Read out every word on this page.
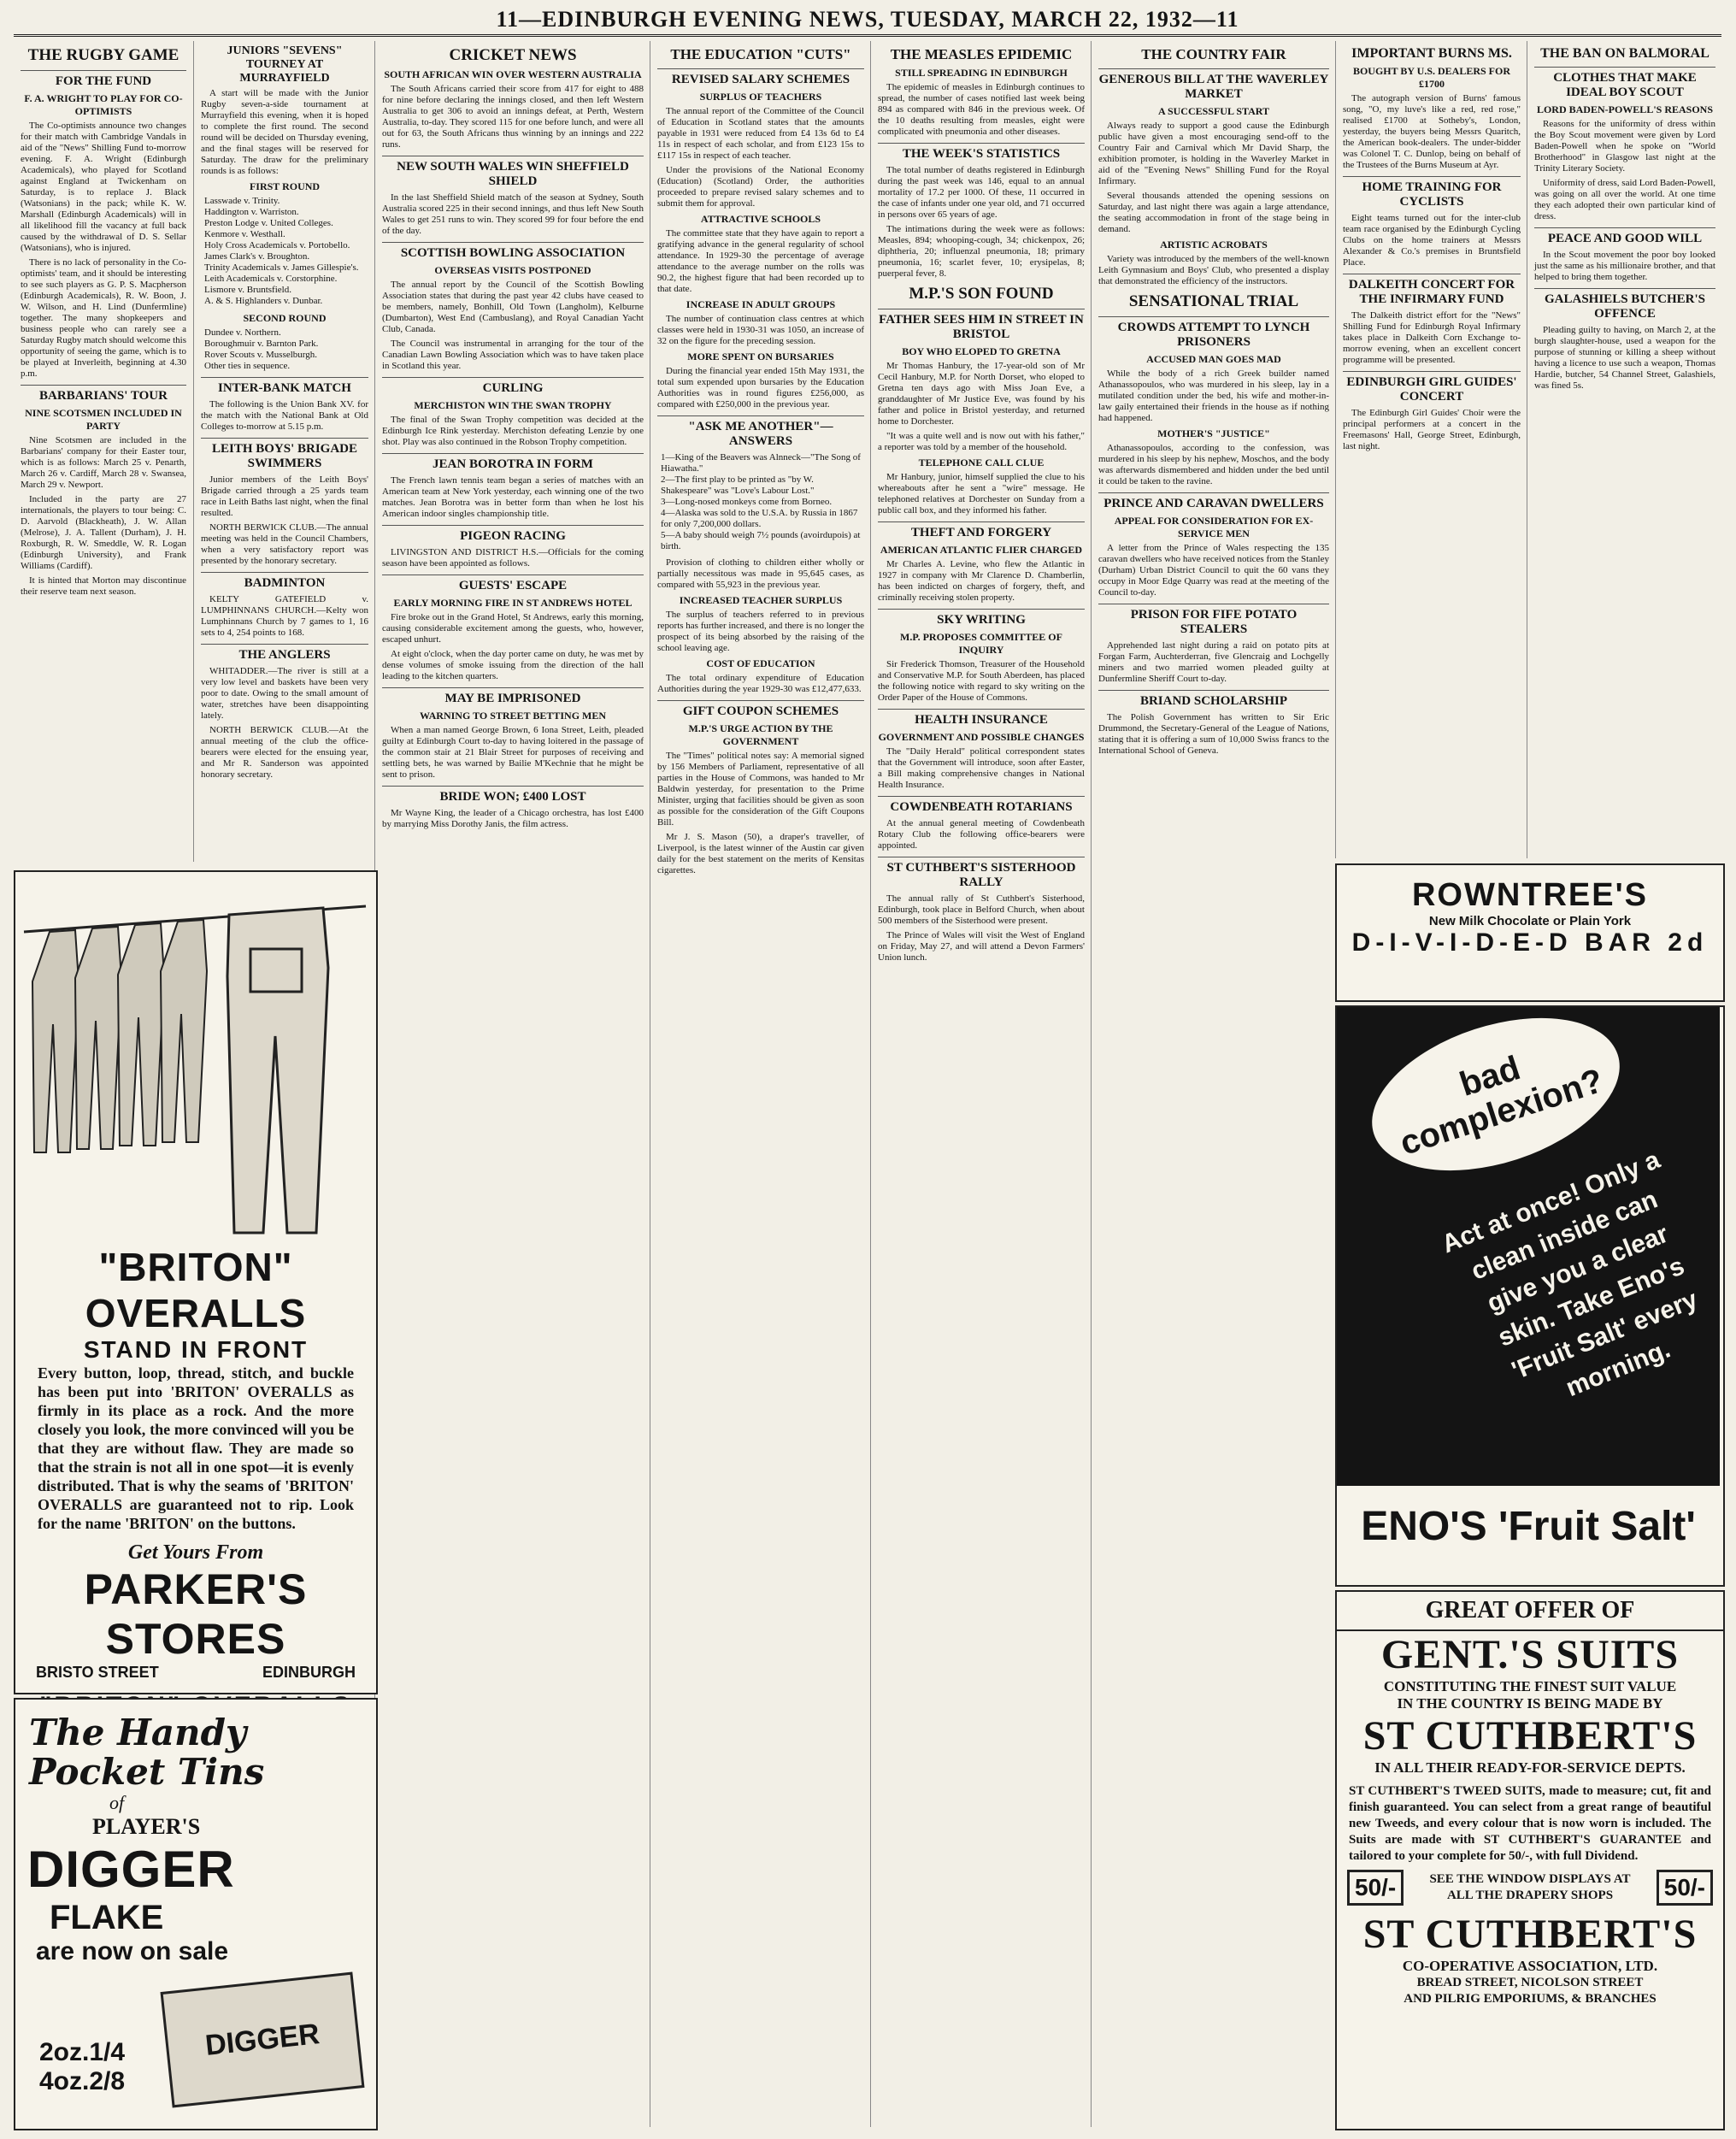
11—EDINBURGH EVENING NEWS, TUESDAY, MARCH 22, 1932—11
THE RUGBY GAME
FOR THE FUND
F. A. WRIGHT TO PLAY FOR CO-OPTIMISTS

The Co-optimists announce two changes for their match with Cambridge Vandals in aid of the "News" Shilling Fund to-morrow evening. F. A. Wright (Edinburgh Academicals), who played for Scotland against England at Twickenham on Saturday, is to replace J. Black (Watsonians) in the pack; while K. W. Marshall (Edinburgh Academicals) will in all likelihood fill the vacancy at full back caused by the withdrawal of D. S. Sellar (Watsonians), who is injured.

There is no lack of personality in the Co-optimists' team, and it should be interesting to see such players as G. P. S. Macpherson (Edinburgh Academicals), R. W. Boon, J. W. Wilson, and H. Lind (Dunfermline) together. The many shopkeepers and business people who can rarely see a Saturday Rugby match should welcome this opportunity of seeing the game, which is to be played at Inverleith, beginning at 4.30 p.m.

BARBARIANS' TOUR
NINE SCOTSMEN INCLUDED IN PARTY

Nine Scotsmen are included in the Barbarians' company for their Easter tour, which is as follows: March 25 v. Penarth, March 26 v. Cardiff, March 28 v. Swansea, March 29 v. Newport.

Included in the party are 27 internationals, the players to tour being: C. D. Aarvold (Blackheath), J. W. Allan (Melrose), J. A. Tallent (Durham), J. H. Roxburgh, R. W. Smeddle, W. R. Logan (Edinburgh University), and Frank Williams (Cardiff).

It is hinted that Morton may discontinue their reserve team next season.

JUNIORS "SEVENS" TOURNEY AT MURRAYFIELD

A start will be made with the Junior Rugby seven-a-side tournament at Murrayfield this evening, when it is hoped to complete the first round. The second round will be decided on Thursday evening, and the final stages will be reserved for Saturday. The draw for the preliminary rounds is as follows:

FIRST ROUND
Lasswade v. Trinity.
Haddington v. Warriston.
Preston Lodge v. United Colleges.
Kenmore v. Westhall.
Holy Cross Academicals v. Portobello.
James Clark's v. Broughton.
Trinity Academicals v. James Gillespie's.
Leith Academicals v. Corstorphine.
Lismore v. Bruntsfield.
A. & S. Highlanders v. Dunbar.
SECOND ROUND
Dundee v. Northern.
Boroughmuir v. Barnton Park.
Rover Scouts v. Musselburgh.
Other ties in sequence.
INTER-BANK MATCH

The following is the Union Bank XV. for the match with the National Bank at Old Colleges to-morrow at 5.15 p.m.

LEITH BOYS' BRIGADE SWIMMERS

Junior members of the Leith Boys' Brigade carried through a 25 yards team race in Leith Baths last night, when the final resulted.

NORTH BERWICK CLUB.—The annual meeting was held in the Council Chambers, when a very satisfactory report was presented by the honorary secretary.

BADMINTON

KELTY GATEFIELD v. LUMPHINNANS CHURCH.—Kelty won Lumphinnans Church by 7 games to 1, 16 sets to 4, 254 points to 168.

THE ANGLERS

WHITADDER.—The river is still at a very low level and baskets have been very poor to date. Owing to the small amount of water, stretches have been disappointing lately.

NORTH BERWICK CLUB.—At the annual meeting of the club the office-bearers were elected for the ensuing year, and Mr R. Sanderson was appointed honorary secretary.

CRICKET NEWS
SOUTH AFRICAN WIN OVER WESTERN AUSTRALIA

The South Africans carried their score from 417 for eight to 488 for nine before declaring the innings closed, and then left Western Australia to get 306 to avoid an innings defeat, at Perth, Western Australia, to-day. They scored 115 for one before lunch, and were all out for 63, the South Africans thus winning by an innings and 222 runs.

NEW SOUTH WALES WIN SHEFFIELD SHIELD

In the last Sheffield Shield match of the season at Sydney, South Australia scored 225 in their second innings, and thus left New South Wales to get 251 runs to win. They scored 99 for four before the end of the day.

SCOTTISH BOWLING ASSOCIATION
OVERSEAS VISITS POSTPONED

The annual report by the Council of the Scottish Bowling Association states that during the past year 42 clubs have ceased to be members, namely, Bonhill, Old Town (Langholm), Kelburne (Dumbarton), West End (Cambuslang), and Royal Canadian Yacht Club, Canada.

The Council was instrumental in arranging for the tour of the Canadian Lawn Bowling Association which was to have taken place in Scotland this year.

CURLING
MERCHISTON WIN THE SWAN TROPHY

The final of the Swan Trophy competition was decided at the Edinburgh Ice Rink yesterday. Merchiston defeating Lenzie by one shot. Play was also continued in the Robson Trophy competition.

JEAN BOROTRA IN FORM

The French lawn tennis team began a series of matches with an American team at New York yesterday, each winning one of the two matches. Jean Borotra was in better form than when he lost his American indoor singles championship title.

PIGEON RACING

LIVINGSTON AND DISTRICT H.S.—Officials for the coming season have been appointed as follows.

GUESTS' ESCAPE
EARLY MORNING FIRE IN ST ANDREWS HOTEL

Fire broke out in the Grand Hotel, St Andrews, early this morning, causing considerable excitement among the guests, who, however, escaped unhurt.

At eight o'clock, when the day porter came on duty, he was met by dense volumes of smoke issuing from the direction of the hall leading to the kitchen quarters.

MAY BE IMPRISONED
WARNING TO STREET BETTING MEN

When a man named George Brown, 6 Iona Street, Leith, pleaded guilty at Edinburgh Court to-day to having loitered in the passage of the common stair at 21 Blair Street for purposes of receiving and settling bets, he was warned by Bailie M'Kechnie that he might be sent to prison.

BRIDE WON; £400 LOST

Mr Wayne King, the leader of a Chicago orchestra, has lost £400 by marrying Miss Dorothy Janis, the film actress.

THE EDUCATION "CUTS"
REVISED SALARY SCHEMES
SURPLUS OF TEACHERS

The annual report of the Committee of the Council of Education in Scotland states that the amounts payable in 1931 were reduced from £4 13s 6d to £4 11s in respect of each scholar, and from £123 15s to £117 15s in respect of each teacher.

Under the provisions of the National Economy (Education) (Scotland) Order, the authorities proceeded to prepare revised salary schemes and to submit them for approval.

ATTRACTIVE SCHOOLS

The committee state that they have again to report a gratifying advance in the general regularity of school attendance. In 1929-30 the percentage of average attendance to the average number on the rolls was 90.2, the highest figure that had been recorded up to that date.

INCREASE IN ADULT GROUPS

The number of continuation class centres at which classes were held in 1930-31 was 1050, an increase of 32 on the figure for the preceding session.

MORE SPENT ON BURSARIES

During the financial year ended 15th May 1931, the total sum expended upon bursaries by the Education Authorities was in round figures £256,000, as compared with £250,000 in the previous year.

"ASK ME ANOTHER"—ANSWERS
1—King of the Beavers was Alnneck—"The Song of Hiawatha."
2—The first play to be printed as "by W. Shakespeare" was "Love's Labour Lost."
3—Long-nosed monkeys come from Borneo.
4—Alaska was sold to the U.S.A. by Russia in 1867 for only 7,200,000 dollars.
5—A baby should weigh 7½ pounds (avoirdupois) at birth.

Provision of clothing to children either wholly or partially necessitous was made in 95,645 cases, as compared with 55,923 in the previous year.

INCREASED TEACHER SURPLUS

The surplus of teachers referred to in previous reports has further increased, and there is no longer the prospect of its being absorbed by the raising of the school leaving age.

COST OF EDUCATION

The total ordinary expenditure of Education Authorities during the year 1929-30 was £12,477,633.

GIFT COUPON SCHEMES
M.P.'S URGE ACTION BY THE GOVERNMENT

The "Times" political notes say: A memorial signed by 156 Members of Parliament, representative of all parties in the House of Commons, was handed to Mr Baldwin yesterday, for presentation to the Prime Minister, urging that facilities should be given as soon as possible for the consideration of the Gift Coupons Bill.

Mr J. S. Mason (50), a draper's traveller, of Liverpool, is the latest winner of the Austin car given daily for the best statement on the merits of Kensitas cigarettes.

THE MEASLES EPIDEMIC
STILL SPREADING IN EDINBURGH

The epidemic of measles in Edinburgh continues to spread, the number of cases notified last week being 894 as compared with 846 in the previous week. Of the 10 deaths resulting from measles, eight were complicated with pneumonia and other diseases.

THE WEEK'S STATISTICS

The total number of deaths registered in Edinburgh during the past week was 146, equal to an annual mortality of 17.2 per 1000. Of these, 11 occurred in the case of infants under one year old, and 71 occurred in persons over 65 years of age.

The intimations during the week were as follows: Measles, 894; whooping-cough, 34; chickenpox, 26; diphtheria, 20; influenzal pneumonia, 18; primary pneumonia, 16; scarlet fever, 10; erysipelas, 8; puerperal fever, 8.

M.P.'S SON FOUND
FATHER SEES HIM IN STREET IN BRISTOL
BOY WHO ELOPED TO GRETNA

Mr Thomas Hanbury, the 17-year-old son of Mr Cecil Hanbury, M.P. for North Dorset, who eloped to Gretna ten days ago with Miss Joan Eve, a granddaughter of Mr Justice Eve, was found by his father and police in Bristol yesterday, and returned home to Dorchester.

"It was a quite well and is now out with his father," a reporter was told by a member of the household.

TELEPHONE CALL CLUE

Mr Hanbury, junior, himself supplied the clue to his whereabouts after he sent a "wire" message. He telephoned relatives at Dorchester on Sunday from a public call box, and they informed his father.

THEFT AND FORGERY
AMERICAN ATLANTIC FLIER CHARGED

Mr Charles A. Levine, who flew the Atlantic in 1927 in company with Mr Clarence D. Chamberlin, has been indicted on charges of forgery, theft, and criminally receiving stolen property.

SKY WRITING
M.P. PROPOSES COMMITTEE OF INQUIRY

Sir Frederick Thomson, Treasurer of the Household and Conservative M.P. for South Aberdeen, has placed the following notice with regard to sky writing on the Order Paper of the House of Commons.

HEALTH INSURANCE
GOVERNMENT AND POSSIBLE CHANGES

The "Daily Herald" political correspondent states that the Government will introduce, soon after Easter, a Bill making comprehensive changes in National Health Insurance.

COWDENBEATH ROTARIANS

At the annual general meeting of Cowdenbeath Rotary Club the following office-bearers were appointed.

ST CUTHBERT'S SISTERHOOD RALLY

The annual rally of St Cuthbert's Sisterhood, Edinburgh, took place in Belford Church, when about 500 members of the Sisterhood were present.

The Prince of Wales will visit the West of England on Friday, May 27, and will attend a Devon Farmers' Union lunch.

THE COUNTRY FAIR
GENEROUS BILL AT THE WAVERLEY MARKET
A SUCCESSFUL START

Always ready to support a good cause the Edinburgh public have given a most encouraging send-off to the Country Fair and Carnival which Mr David Sharp, the exhibition promoter, is holding in the Waverley Market in aid of the "Evening News" Shilling Fund for the Royal Infirmary.

Several thousands attended the opening sessions on Saturday, and last night there was again a large attendance, the seating accommodation in front of the stage being in demand.

ARTISTIC ACROBATS

Variety was introduced by the members of the well-known Leith Gymnasium and Boys' Club, who presented a display that demonstrated the efficiency of the instructors.

SENSATIONAL TRIAL
CROWDS ATTEMPT TO LYNCH PRISONERS
ACCUSED MAN GOES MAD

While the body of a rich Greek builder named Athanassopoulos, who was murdered in his sleep, lay in a mutilated condition under the bed, his wife and mother-in-law gaily entertained their friends in the house as if nothing had happened.

MOTHER'S "JUSTICE"

Athanassopoulos, according to the confession, was murdered in his sleep by his nephew, Moschos, and the body was afterwards dismembered and hidden under the bed until it could be taken to the ravine.

PRINCE AND CARAVAN DWELLERS
APPEAL FOR CONSIDERATION FOR EX-SERVICE MEN

A letter from the Prince of Wales respecting the 135 caravan dwellers who have received notices from the Stanley (Durham) Urban District Council to quit the 60 vans they occupy in Moor Edge Quarry was read at the meeting of the Council to-day.

PRISON FOR FIFE POTATO STEALERS

Apprehended last night during a raid on potato pits at Forgan Farm, Auchterderran, five Glencraig and Lochgelly miners and two married women pleaded guilty at Dunfermline Sheriff Court to-day.

BRIAND SCHOLARSHIP

The Polish Government has written to Sir Eric Drummond, the Secretary-General of the League of Nations, stating that it is offering a sum of 10,000 Swiss francs to the International School of Geneva.

IMPORTANT BURNS MS.
BOUGHT BY U.S. DEALERS FOR £1700

The autograph version of Burns' famous song, "O, my luve's like a red, red rose," realised £1700 at Sotheby's, London, yesterday, the buyers being Messrs Quaritch, the American book-dealers. The under-bidder was Colonel T. C. Dunlop, being on behalf of the Trustees of the Burns Museum at Ayr.

HOME TRAINING FOR CYCLISTS

Eight teams turned out for the inter-club team race organised by the Edinburgh Cycling Clubs on the home trainers at Messrs Alexander & Co.'s premises in Bruntsfield Place.

DALKEITH CONCERT FOR THE INFIRMARY FUND

The Dalkeith district effort for the "News" Shilling Fund for Edinburgh Royal Infirmary takes place in Dalkeith Corn Exchange to-morrow evening, when an excellent concert programme will be presented.

EDINBURGH GIRL GUIDES' CONCERT

The Edinburgh Girl Guides' Choir were the principal performers at a concert in the Freemasons' Hall, George Street, Edinburgh, last night.

THE BAN ON BALMORAL
CLOTHES THAT MAKE IDEAL BOY SCOUT
LORD BADEN-POWELL'S REASONS

Reasons for the uniformity of dress within the Boy Scout movement were given by Lord Baden-Powell when he spoke on "World Brotherhood" in Glasgow last night at the Trinity Literary Society.

Uniformity of dress, said Lord Baden-Powell, was going on all over the world. At one time they each adopted their own particular kind of dress.

PEACE AND GOOD WILL

In the Scout movement the poor boy looked just the same as his millionaire brother, and that helped to bring them together.

GALASHIELS BUTCHER'S OFFENCE

Pleading guilty to having, on March 2, at the burgh slaughter-house, used a weapon for the purpose of stunning or killing a sheep without having a licence to use such a weapon, Thomas Hardie, butcher, 54 Channel Street, Galashiels, was fined 5s.

"BRITON" OVERALLS
STAND IN FRONT
Every button, loop, thread, stitch, and buckle has been put into 'BRITON' OVERALLS as firmly in its place as a rock. And the more closely you look, the more convinced will you be that they are without flaw. They are made so that the strain is not all in one spot—it is evenly distributed. That is why the seams of 'BRITON' OVERALLS are guaranteed not to rip. Look for the name 'BRITON' on the buttons.
Get Yours From
PARKER'S STORES
BRISTO STREET	EDINBURGH
The Handy
Pocket Tins
of
PLAYER'S
DIGGER
FLAKE
are now on sale
2oz.1/4
4oz.2/8
DIGGER
ROWNTREE'S
New Milk Chocolate or Plain York
D-I-V-I-D-E-D BAR 2d
bad complexion?
Act at once! Only a clean inside can give you a clear skin. Take Eno's 'Fruit Salt' every morning.
ENO'S 'Fruit Salt'
GREAT OFFER OF
GENT.'S SUITS
CONSTITUTING THE FINEST SUIT VALUE
IN THE COUNTRY IS BEING MADE BY
ST CUTHBERT'S
IN ALL THEIR READY-FOR-SERVICE DEPTS.
ST CUTHBERT'S TWEED SUITS, made to measure; cut, fit and finish guaranteed. You can select from a great range of beautiful new Tweeds, and every colour that is now worn is included. The Suits are made with ST CUTHBERT'S GUARANTEE and tailored to your complete for 50/-, with full Dividend.
50/-	SEE THE WINDOW DISPLAYS AT ALL THE DRAPERY SHOPS	50/-
ST CUTHBERT'S
CO-OPERATIVE ASSOCIATION, LTD.
BREAD STREET, NICOLSON STREET
AND PILRIG EMPORIUMS, & BRANCHES
